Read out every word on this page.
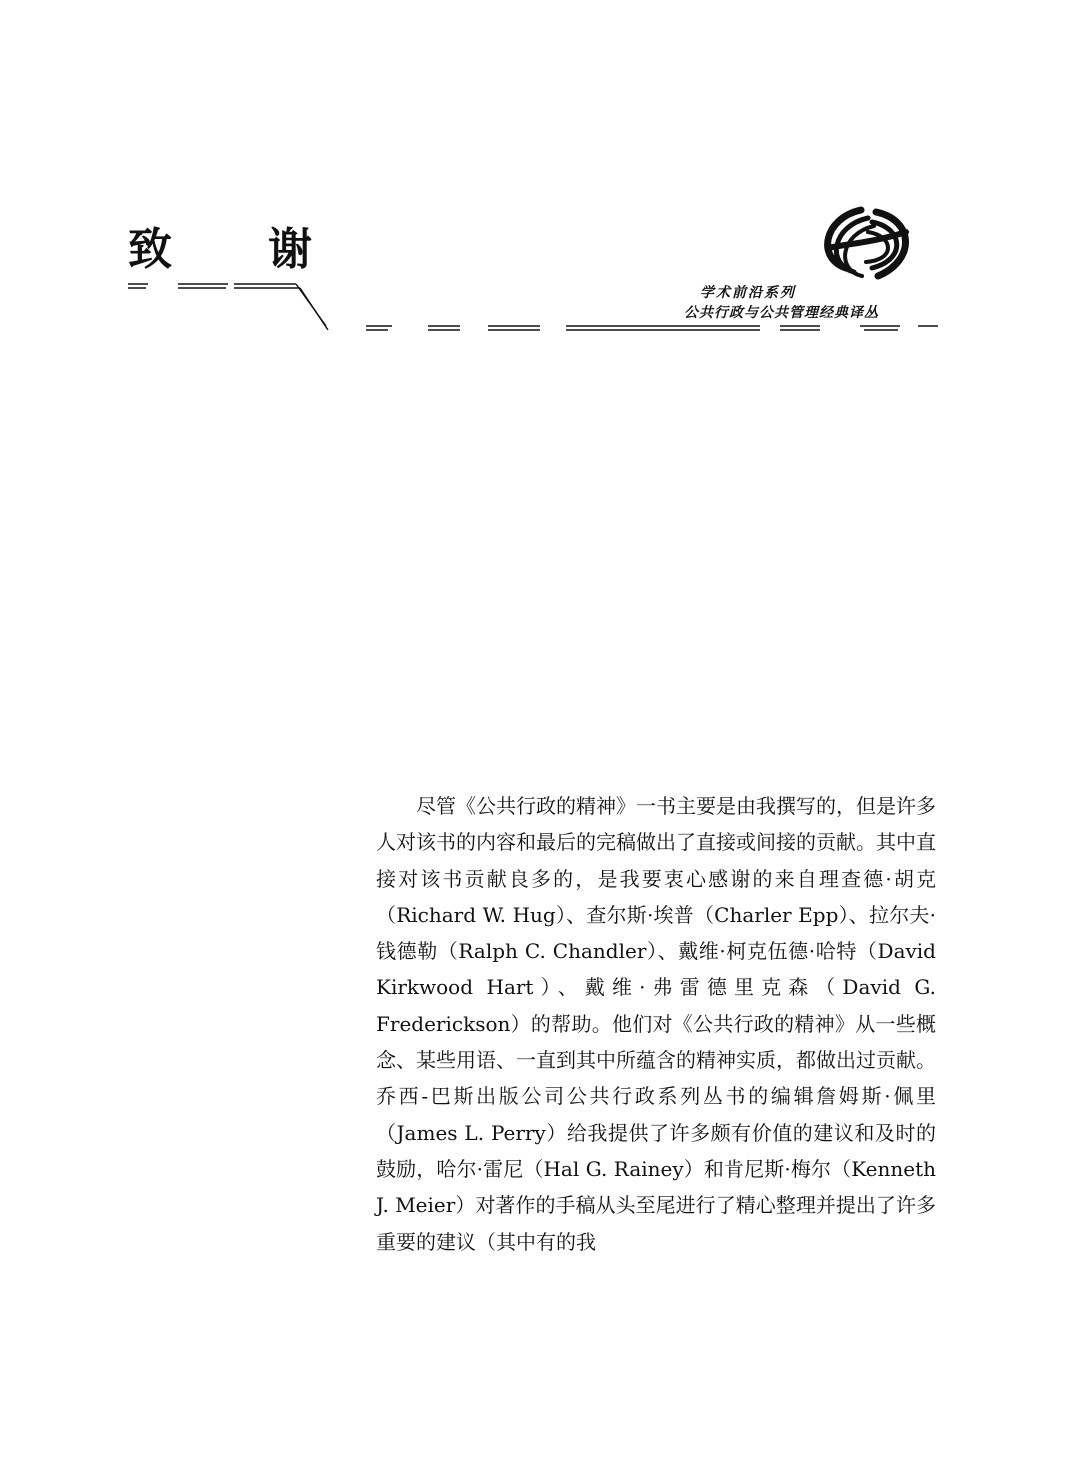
致 谢
学术前沿系列
公共行政与公共管理经典译丛
尽管《公共行政的精神》一书主要是由我撰写的，但是许多人对该书的内容和最后的完稿做出了直接或间接的贡献。其中直接对该书贡献良多的，是我要衷心感谢的来自理查德·胡克（Richard W. Hug）、查尔斯·埃普（Charler Epp）、拉尔夫·钱德勒（Ralph C. Chandler）、戴维·柯克伍德·哈特（David Kirkwood Hart）、戴维·弗雷德里克森（David G. Frederickson）的帮助。他们对《公共行政的精神》从一些概念、某些用语、一直到其中所蕴含的精神实质，都做出过贡献。乔西-巴斯出版公司公共行政系列丛书的编辑詹姆斯·佩里（James L. Perry）给我提供了许多颇有价值的建议和及时的鼓励，哈尔·雷尼（Hal G. Rainey）和肯尼斯·梅尔（Kenneth J. Meier）对著作的手稿从头至尾进行了精心整理并提出了许多重要的建议（其中有的我
